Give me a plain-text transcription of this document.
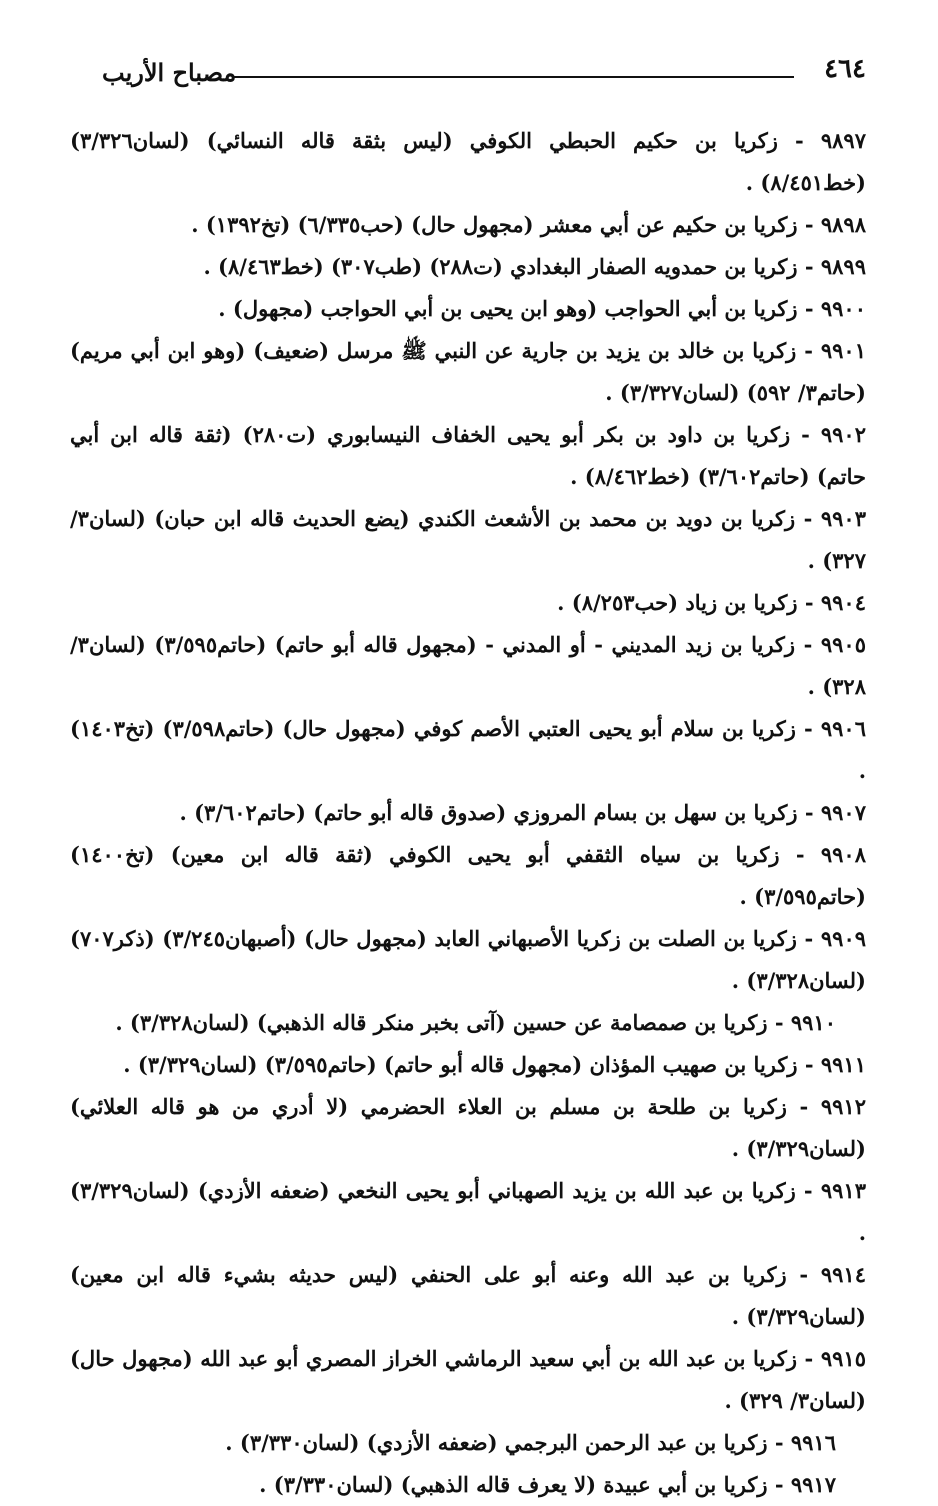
مصباح الأريب	٤٦٤

٩٨٩٧ - زكريا بن حكيم الحبطي الكوفي (ليس بثقة قاله النسائي) (لسان٣/٣٢٦) (خط٨/٤٥١) .

٩٨٩٨ - زكريا بن حكيم عن أبي معشر (مجهول حال) (حب٦/٣٣٥) (تخ١٣٩٢) .

٩٨٩٩ - زكريا بن حمدويه الصفار البغدادي (ت٢٨٨) (طب٣٠٧) (خط٨/٤٦٣) .

٩٩٠٠ - زكريا بن أبي الحواجب (وهو ابن يحيى بن أبي الحواجب (مجهول) .

٩٩٠١ - زكريا بن خالد بن يزيد بن جارية عن النبي ﷺ مرسل (ضعيف) (وهو ابن أبي مريم) (حاتم٣/ ٥٩٢) (لسان٣/٣٢٧) .

٩٩٠٢ - زكريا بن داود بن بكر أبو يحيى الخفاف النيسابوري (ت٢٨٠) (ثقة قاله ابن أبي حاتم) (حاتم٣/٦٠٢) (خط٨/٤٦٢) .

٩٩٠٣ - زكريا بن دويد بن محمد بن الأشعث الكندي (يضع الحديث قاله ابن حبان) (لسان٣/ ٣٢٧) .

٩٩٠٤ - زكريا بن زياد (حب٨/٢٥٣) .

٩٩٠٥ - زكريا بن زيد المديني - أو المدني - (مجهول قاله أبو حاتم) (حاتم٣/٥٩٥) (لسان٣/ ٣٢٨) .

٩٩٠٦ - زكريا بن سلام أبو يحيى العتبي الأصم كوفي (مجهول حال) (حاتم٣/٥٩٨) (تخ١٤٠٣) .

٩٩٠٧ - زكريا بن سهل بن بسام المروزي (صدوق قاله أبو حاتم) (حاتم٣/٦٠٢) .

٩٩٠٨ - زكريا بن سياه الثقفي أبو يحيى الكوفي (ثقة قاله ابن معين) (تخ١٤٠٠) (حاتم٣/٥٩٥) .

٩٩٠٩ - زكريا بن الصلت بن زكريا الأصبهاني العابد (مجهول حال) (أصبهان٣/٢٤٥) (ذكر٧٠٧) (لسان٣/٣٢٨) .

٩٩١٠ - زكريا بن صمصامة عن حسين (آتى بخبر منكر قاله الذهبي) (لسان٣/٣٢٨) .

٩٩١١ - زكريا بن صهيب المؤذان (مجهول قاله أبو حاتم) (حاتم٣/٥٩٥) (لسان٣/٣٢٩) .

٩٩١٢ - زكريا بن طلحة بن مسلم بن العلاء الحضرمي (لا أدري من هو قاله العلائي) (لسان٣/٣٢٩) .

٩٩١٣ - زكريا بن عبد الله بن يزيد الصهباني أبو يحيى النخعي (ضعفه الأزدي) (لسان٣/٣٢٩) .

٩٩١٤ - زكريا بن عبد الله وعنه أبو على الحنفي (ليس حديثه بشيء قاله ابن معين) (لسان٣/٣٢٩) .

٩٩١٥ - زكريا بن عبد الله بن أبي سعيد الرماشي الخراز المصري أبو عبد الله (مجهول حال) (لسان٣/ ٣٢٩) .

٩٩١٦ - زكريا بن عبد الرحمن البرجمي (ضعفه الأزدي) (لسان٣/٣٣٠) .

٩٩١٧ - زكريا بن أبي عبيدة (لا يعرف قاله الذهبي) (لسان٣/٣٣٠) .
